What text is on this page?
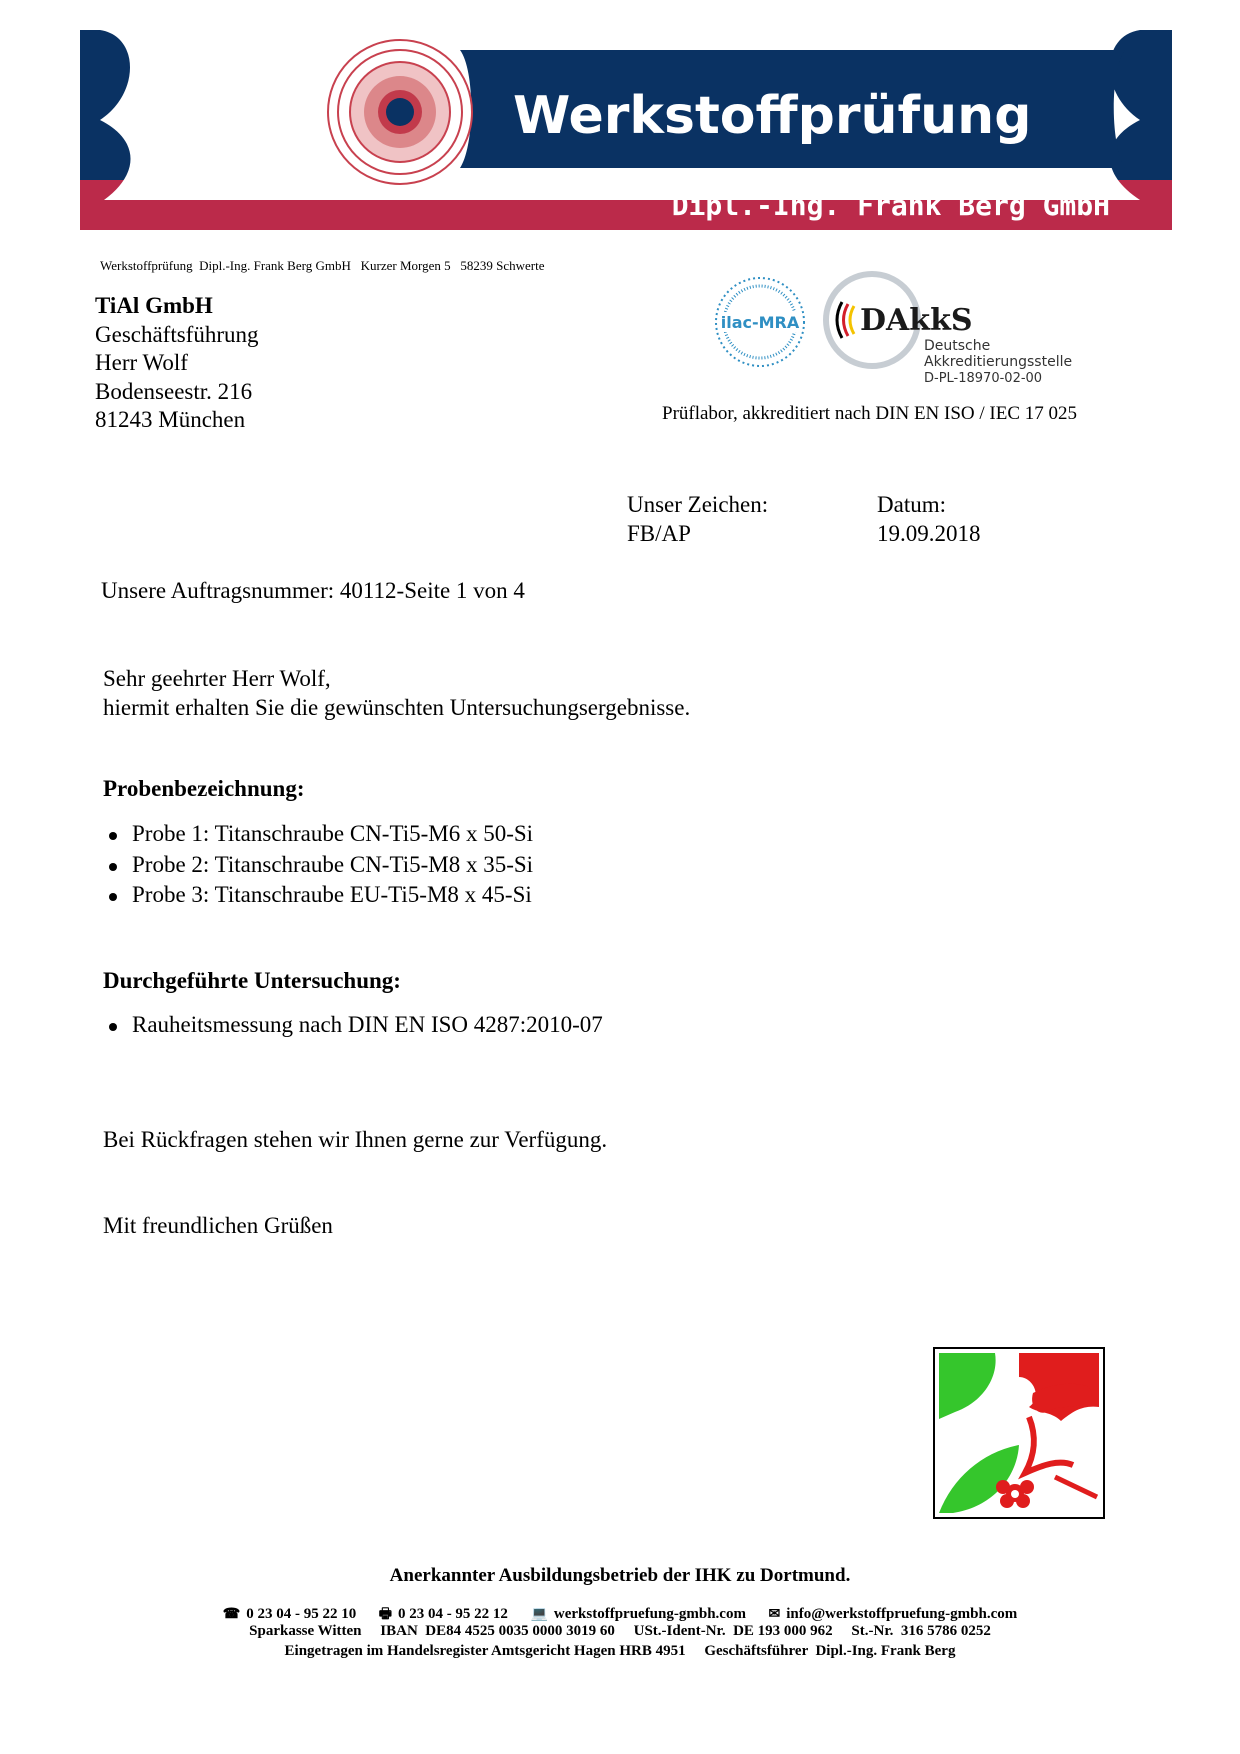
Werkstoffprüfung
Dipl.-Ing. Frank Berg GmbH
Werkstoffprüfung  Dipl.-Ing. Frank Berg GmbH   Kurzer Morgen 5   58239 Schwerte
TiAl GmbH
Geschäftsführung
Herr Wolf
Bodenseestr. 216
81243 München
ilac-MRA DAkkS
Deutsche
Akkreditierungsstelle
D-PL-18970-02-00
Prüflabor, akkreditiert nach DIN EN ISO / IEC 17 025
Unser Zeichen:
FB/AP
Datum:
19.09.2018
Unsere Auftragsnummer: 40112-Seite 1 von 4
Sehr geehrter Herr Wolf,
hiermit erhalten Sie die gewünschten Untersuchungsergebnisse.
Probenbezeichnung:
Probe 1: Titanschraube CN-Ti5-M6 x 50-Si
Probe 2: Titanschraube CN-Ti5-M8 x 35-Si
Probe 3: Titanschraube EU-Ti5-M8 x 45-Si
Durchgeführte Untersuchung:
Rauheitsmessung nach DIN EN ISO 4287:2010-07
Bei Rückfragen stehen wir Ihnen gerne zur Verfügung.
Mit freundlichen Grüßen
Anerkannter Ausbildungsbetrieb der IHK zu Dortmund.
☎ 0 23 04 - 95 22 10 🖶 0 23 04 - 95 22 12 💻 werkstoffpruefung-gmbh.com ✉ info@werkstoffpruefung-gmbh.com
Sparkasse Witten     IBAN  DE84 4525 0035 0000 3019 60     USt.-Ident-Nr.  DE 193 000 962     St.-Nr.  316 5786 0252
Eingetragen im Handelsregister Amtsgericht Hagen HRB 4951     Geschäftsführer  Dipl.-Ing. Frank Berg
